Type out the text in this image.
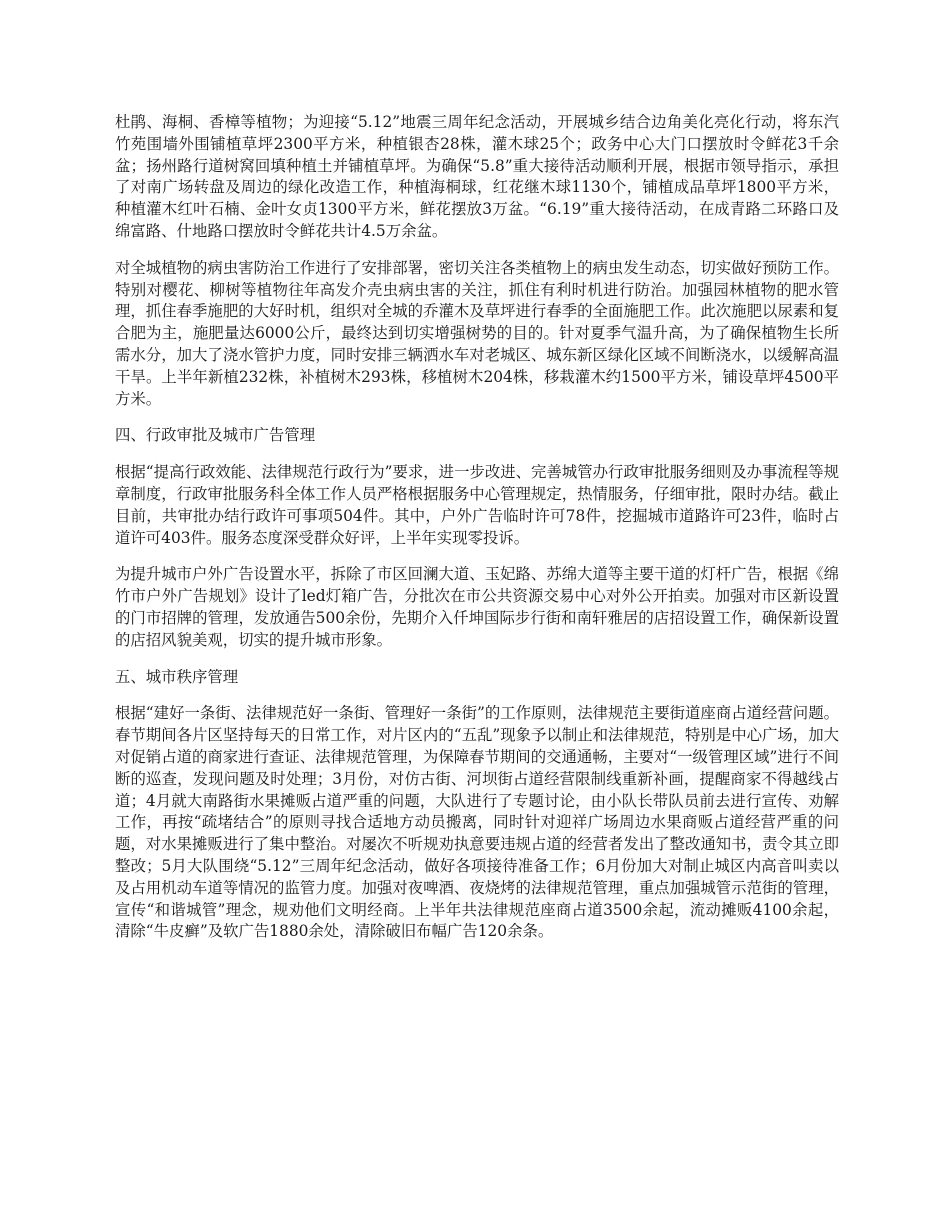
杜鹃、海桐、香樟等植物；为迎接“5.12”地震三周年纪念活动，开展城乡结合边角美化亮化行动，将东汽竹苑围墙外围铺植草坪2300平方米，种植银杏28株，灌木球25个；政务中心大门口摆放时令鲜花3千余盆；扬州路行道树窝回填种植土并铺植草坪。为确保“5.8”重大接待活动顺利开展，根据市领导指示，承担了对南广场转盘及周边的绿化改造工作，种植海桐球，红花继木球1130个，铺植成品草坪1800平方米，种植灌木红叶石楠、金叶女贞1300平方米，鲜花摆放3万盆。“6.19”重大接待活动，在成青路二环路口及绵富路、什地路口摆放时令鲜花共计4.5万余盆。

对全城植物的病虫害防治工作进行了安排部署，密切关注各类植物上的病虫发生动态，切实做好预防工作。特别对樱花、柳树等植物往年高发介壳虫病虫害的关注，抓住有利时机进行防治。加强园林植物的肥水管理，抓住春季施肥的大好时机，组织对全城的乔灌木及草坪进行春季的全面施肥工作。此次施肥以尿素和复合肥为主，施肥量达6000公斤，最终达到切实增强树势的目的。针对夏季气温升高，为了确保植物生长所需水分，加大了浇水管护力度，同时安排三辆洒水车对老城区、城东新区绿化区域不间断浇水，以缓解高温干旱。上半年新植232株，补植树木293株，移植树木204株，移栽灌木约1500平方米，铺设草坪4500平 方米。

四、行政审批及城市广告管理

根据“提高行政效能、法律规范行政行为”要求，进一步改进、完善城管办行政审批服务细则及办事流程等规章制度，行政审批服务科全体工作人员严格根据服务中心管理规定，热情服务，仔细审批，限时办结。截止目前，共审批办结行政许可事项504件。其中，户外广告临时许可78件，挖掘城市道路许可23件，临时占道许可403件。服务态度深受群众好评，上半年实现零投诉。

为提升城市户外广告设置水平，拆除了市区回澜大道、玉妃路、苏绵大道等主要干道的灯杆广告，根据《绵竹市户外广告规划》设计了led灯箱广告，分批次在市公共资源交易中心对外公开拍卖。加强对市区新设置的门市招牌的管理，发放通告500余份，先期介入仟坤国际步行街和南轩雅居的店招设置工作，确保新设置的店招风貌美观，切实的提升城市形象。

五、城市秩序管理

根据“建好一条街、法律规范好一条街、管理好一条街”的工作原则，法律规范主要街道座商占道经营问题。春节期间各片区坚持每天的日常工作，对片区内的“五乱”现象予以制止和法律规范，特别是中心广场，加大对促销占道的商家进行查证、法律规范管理，为保障春节期间的交通通畅，主要对“一级管理区域”进行不间断的巡查，发现问题及时处理；3月份，对仿古街、河坝街占道经营限制线重新补画，提醒商家不得越线占道；4月就大南路街水果摊贩占道严重的问题，大队进行了专题讨论，由小队长带队员前去进行宣传、劝解工作，再按“疏堵结合”的原则寻找合适地方动员搬离，同时针对迎祥广场周边水果商贩占道经营严重的问题，对水果摊贩进行了集中整治。对屡次不听规劝执意要违规占道的经营者发出了整改通知书，责令其立即整改；5月大队围绕“5.12”三周年纪念活动，做好各项接待准备工作；6月份加大对制止城区内高音叫卖以及占用机动车道等情况的监管力度。加强对夜啤酒、夜烧烤的法律规范管理，重点加强城管示范街的管理，宣传“和谐城管”理念，规劝他们文明经商。上半年共法律规范座商占道3500余起，流动摊贩4100余起，清除“牛皮癣”及软广告1880余处，清除破旧布幅广告120余条。
